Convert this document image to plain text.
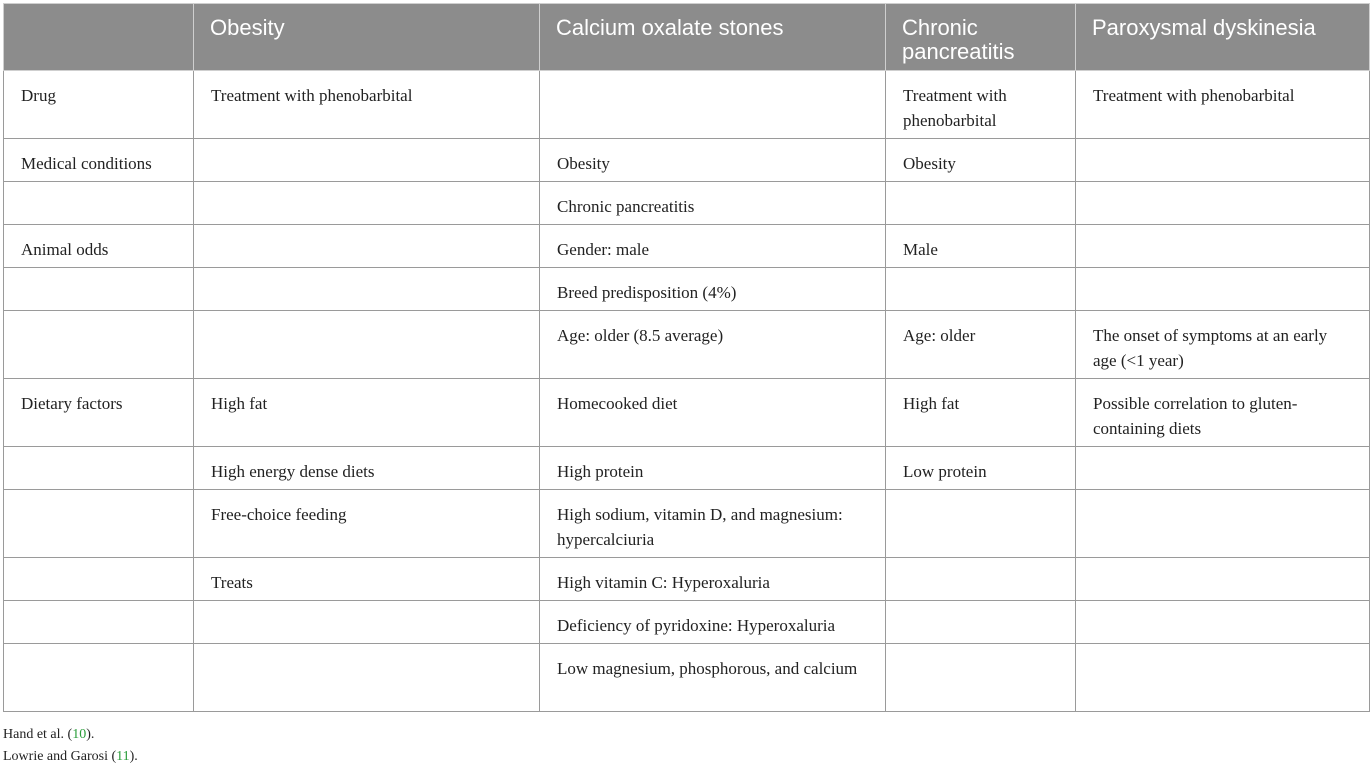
	Obesity	Calcium oxalate stones	Chronic pancreatitis	Paroxysmal dyskinesia
Drug	Treatment with phenobarbital		Treatment with phenobarbital	Treatment with phenobarbital
Medical conditions		Obesity	Obesity	
		Chronic pancreatitis		
Animal odds		Gender: male	Male	
		Breed predisposition (4%)		
		Age: older (8.5 average)	Age: older	The onset of symptoms at an early age (<1 year)
Dietary factors	High fat	Homecooked diet	High fat	Possible correlation to gluten-containing diets
	High energy dense diets	High protein	Low protein	
	Free-choice feeding	High sodium, vitamin D, and magnesium: hypercalciuria		
	Treats	High vitamin C: Hyperoxaluria		
		Deficiency of pyridoxine: Hyperoxaluria		
		Low magnesium, phosphorous, and calcium		
Hand et al. (10).
Lowrie and Garosi (11).
